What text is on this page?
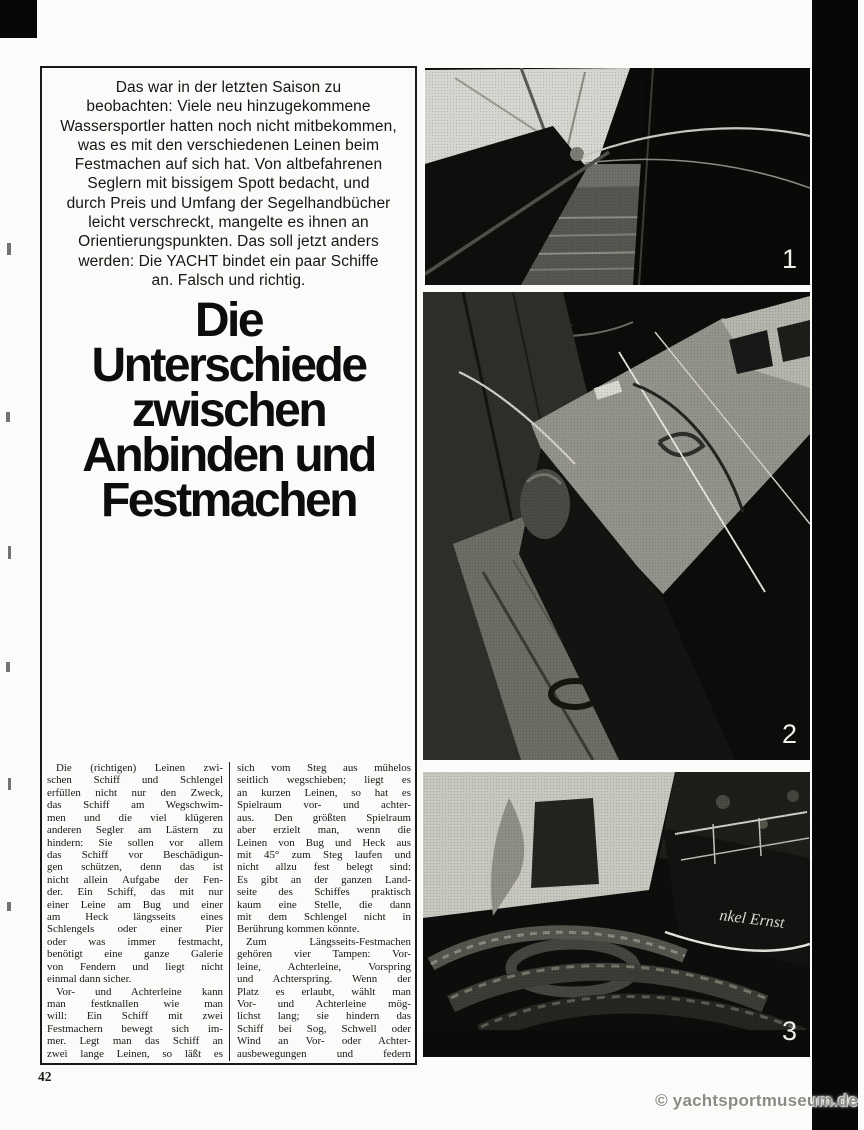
Das war in der letzten Saison zu
beobachten: Viele neu hinzugekommene
Wassersportler hatten noch nicht mitbekommen,
was es mit den verschiedenen Leinen beim
Festmachen auf sich hat. Von altbefahrenen
Seglern mit bissigem Spott bedacht, und
durch Preis und Umfang der Segelhandbücher
leicht verschreckt, mangelte es ihnen an
Orientierungspunkten. Das soll jetzt anders
werden: Die YACHT bindet ein paar Schiffe
an. Falsch und richtig.
Die
Unterschiede
zwischen
Anbinden und
Festmachen
Die (richtigen) Leinen zwi-
schen Schiff und Schlengel
erfüllen nicht nur den Zweck,
das Schiff am Wegschwim-
men und die viel klügeren
anderen Segler am Lästern zu
hindern: Sie sollen vor allem
das Schiff vor Beschädigun-
gen schützen, denn das ist
nicht allein Aufgabe der Fen-
der. Ein Schiff, das mit nur
einer Leine am Bug und einer
am Heck längsseits eines
Schlengels oder einer Pier
oder was immer festmacht,
benötigt eine ganze Galerie
von Fendern und liegt nicht
einmal dann sicher.
Vor- und Achterleine kann
man festknallen wie man
will: Ein Schiff mit zwei
Festmachern bewegt sich im-
mer. Legt man das Schiff an
zwei lange Leinen, so läßt es
sich vom Steg aus mühelos
seitlich wegschieben; liegt es
an kurzen Leinen, so hat es
Spielraum vor- und achter-
aus. Den größten Spielraum
aber erzielt man, wenn die
Leinen von Bug und Heck aus
mit 45° zum Steg laufen und
nicht allzu fest belegt sind:
Es gibt an der ganzen Land-
seite des Schiffes praktisch
kaum eine Stelle, die dann
mit dem Schlengel nicht in
Berührung kommen könnte.
Zum Längsseits-Festmachen
gehören vier Tampen: Vor-
leine, Achterleine, Vorspring
und Achterspring. Wenn der
Platz es erlaubt, wählt man
Vor- und Achterleine mög-
lichst lang; sie hindern das
Schiff bei Sog, Schwell oder
Wind an Vor- oder Achter-
ausbewegungen und federn
42
1
2
nkel Ernst
3
© yachtsportmuseum.de
